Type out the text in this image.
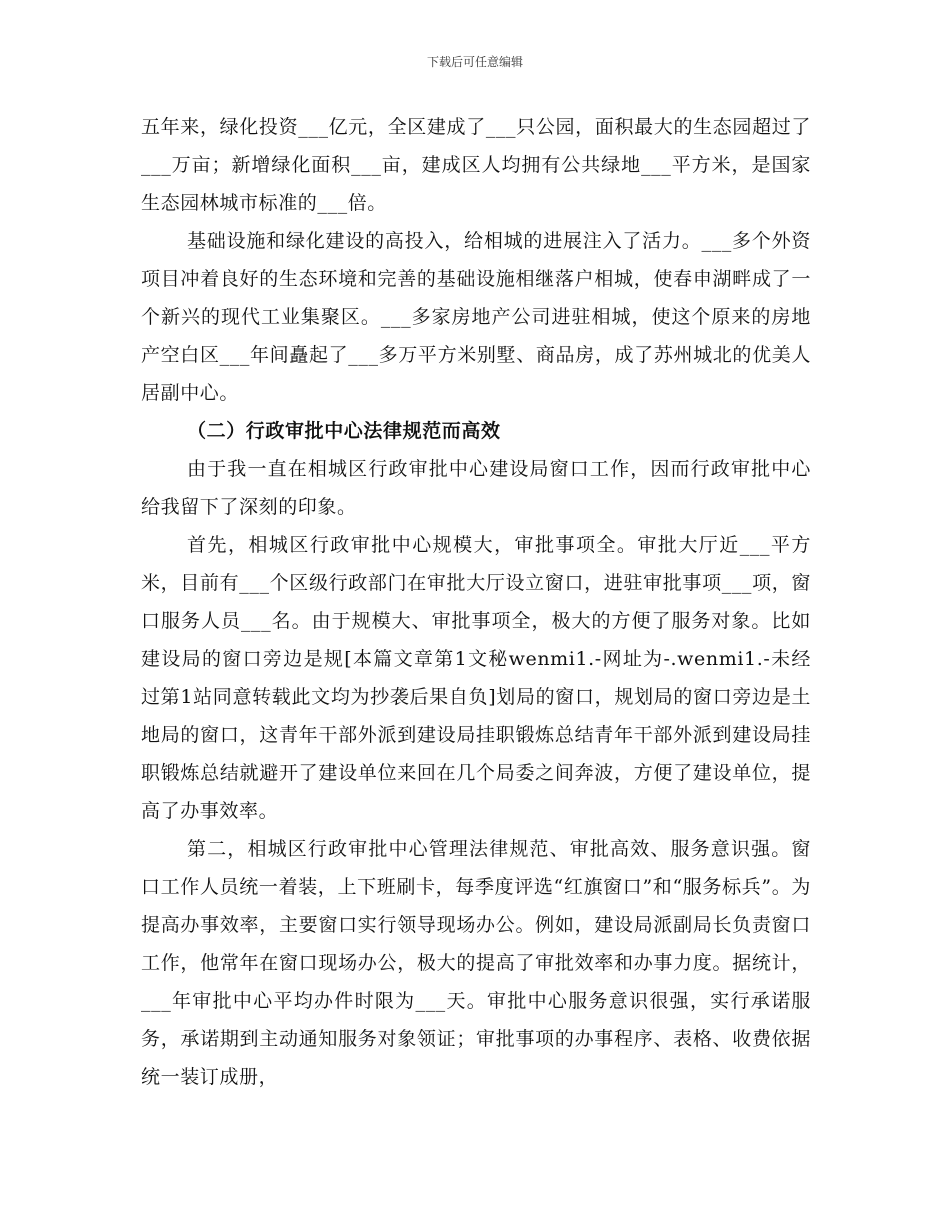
下载后可任意编辑

五年来，绿化投资___亿元，全区建成了___只公园，面积最大的生态园超过了___万亩；新增绿化面积___亩，建成区人均拥有公共绿地___平方米，是国家生态园林城市标准的___倍。

基础设施和绿化建设的高投入，给相城的进展注入了活力。___多个外资项目冲着良好的生态环境和完善的基础设施相继落户相城，使春申湖畔成了一个新兴的现代工业集聚区。___多家房地产公司进驻相城，使这个原来的房地产空白区___年间矗起了___多万平方米别墅、商品房，成了苏州城北的优美人居副中心。

（二）行政审批中心法律规范而高效

由于我一直在相城区行政审批中心建设局窗口工作，因而行政审批中心给我留下了深刻的印象。

首先，相城区行政审批中心规模大，审批事项全。审批大厅近___平方米，目前有___个区级行政部门在审批大厅设立窗口，进驻审批事项___项，窗口服务人员___名。由于规模大、审批事项全，极大的方便了服务对象。比如建设局的窗口旁边是规[本篇文章第1文秘wenmi1.-网址为-.wenmi1.-未经过第1站同意转载此文均为抄袭后果自负]划局的窗口，规划局的窗口旁边是土地局的窗口，这青年干部外派到建设局挂职锻炼总结青年干部外派到建设局挂职锻炼总结就避开了建设单位来回在几个局委之间奔波，方便了建设单位，提高了办事效率。

第二，相城区行政审批中心管理法律规范、审批高效、服务意识强。窗口工作人员统一着装，上下班刷卡，每季度评选“红旗窗口”和“服务标兵”。为提高办事效率，主要窗口实行领导现场办公。例如，建设局派副局长负责窗口工作，他常年在窗口现场办公，极大的提高了审批效率和办事力度。据统计，___年审批中心平均办件时限为___天。审批中心服务意识很强，实行承诺服务，承诺期到主动通知服务对象领证；审批事项的办事程序、表格、收费依据统一装订成册，
